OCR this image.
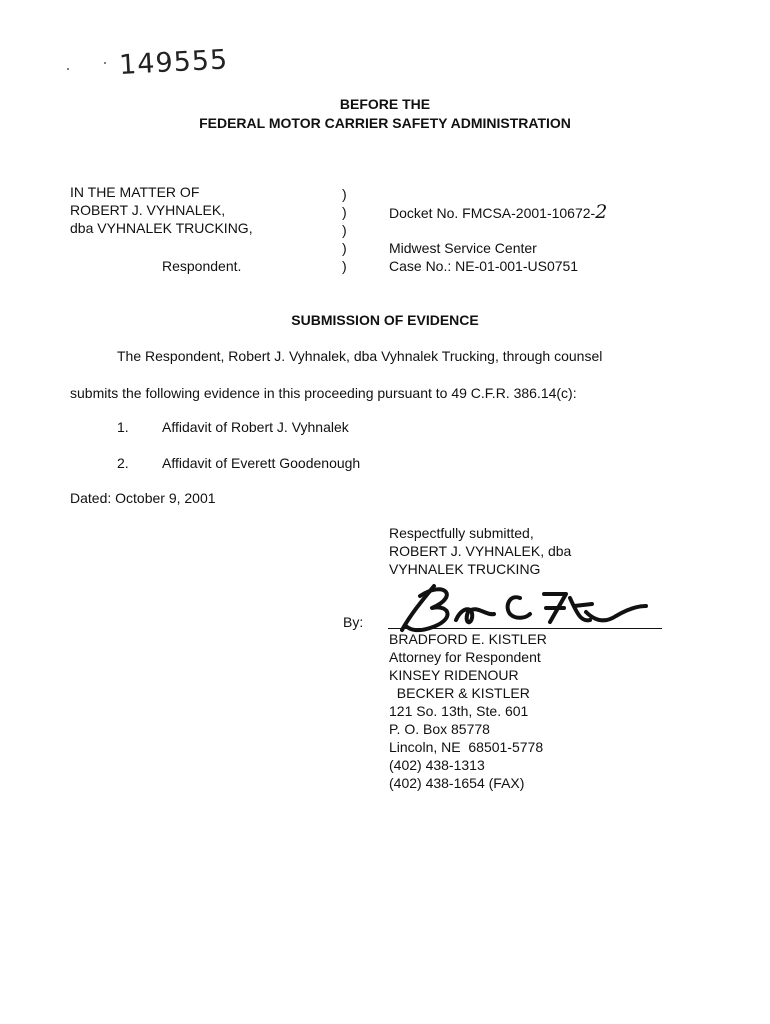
149555
BEFORE THE
FEDERAL MOTOR CARRIER SAFETY ADMINISTRATION
IN THE MATTER OF
ROBERT J. VYHNALEK,
dba VYHNALEK TRUCKING,
Respondent.
)
)
)
)
)
Docket No. FMCSA-2001-10672-2
Midwest Service Center
Case No.: NE-01-001-US0751
SUBMISSION OF EVIDENCE
The Respondent, Robert J. Vyhnalek, dba Vyhnalek Trucking, through counsel
submits the following evidence in this proceeding pursuant to 49 C.F.R. 386.14(c):
1. Affidavit of Robert J. Vyhnalek
2. Affidavit of Everett Goodenough
Dated: October 9, 2001
Respectfully submitted,
ROBERT J. VYHNALEK, dba
VYHNALEK TRUCKING
By:
BRADFORD E. KISTLER
Attorney for Respondent
KINSEY RIDENOUR
BECKER & KISTLER
121 So. 13th, Ste. 601
P. O. Box 85778
Lincoln, NE  68501-5778
(402) 438-1313
(402) 438-1654 (FAX)
